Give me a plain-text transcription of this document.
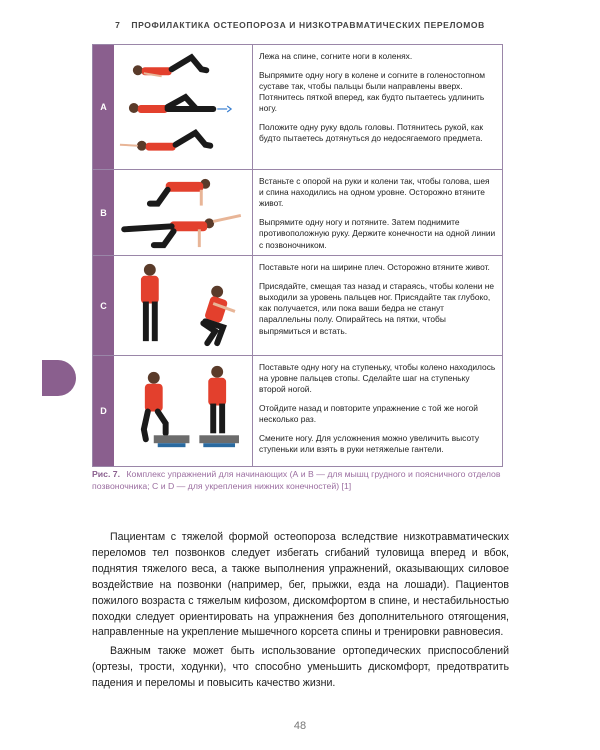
7 ПРОФИЛАКТИКА ОСТЕОПОРОЗА И НИЗКОТРАВМАТИЧЕСКИХ ПЕРЕЛОМОВ
A

Лежа на спине, согните ноги в коленях.

Выпрямите одну ногу в колене и согните в голеностопном суставе так, чтобы пальцы были направлены вверх. Потянитесь пяткой вперед, как будто пытаетесь удлинить ногу.

Положите одну руку вдоль головы. Потянитесь рукой, как будто пытаетесь дотянуться до недосягаемого предмета.

B

Встаньте с опорой на руки и колени так, чтобы голова, шея и спина находились на одном уровне. Осторожно втяните живот.

Выпрямите одну ногу и потяните. Затем поднимите противоположную руку. Держите конечности на одной линии с позвоночником.

C

Поставьте ноги на ширине плеч. Осторожно втяните живот.

Присядайте, смещая таз назад и стараясь, чтобы колени не выходили за уровень пальцев ног. Присядайте так глубоко, как получается, или пока ваши бедра не станут параллельны полу. Опирайтесь на пятки, чтобы выпрямиться и встать.

D

Поставьте одну ногу на ступеньку, чтобы колено находилось на уровне пальцев стопы. Сделайте шаг на ступеньку второй ногой.

Отойдите назад и повторите упражнение с той же ногой несколько раз.

Смените ногу. Для усложнения можно увеличить высоту ступеньки или взять в руки нетяжелые гантели.

Рис. 7. Комплекс упражнений для начинающих (А и В — для мышц грудного и поясничного отделов позвоночника; С и D — для укрепления нижних конечностей) [1]

Пациентам с тяжелой формой остеопороза вследствие низкотравматических переломов тел позвонков следует избегать сгибаний туловища вперед и вбок, поднятия тяжелого веса, а также выполнения упражнений, оказывающих силовое воздействие на позвонки (например, бег, прыжки, езда на лошади). Пациентов пожилого возраста с тяжелым кифозом, дискомфортом в спине, и нестабильностью походки следует ориентировать на упражнения без дополнительного отягощения, направленные на укрепление мышечного корсета спины и тренировки равновесия.

Важным также может быть использование ортопедических приспособлений (ортезы, трости, ходунки), что способно уменьшить дискомфорт, предотвратить падения и переломы и повысить качество жизни.

48
